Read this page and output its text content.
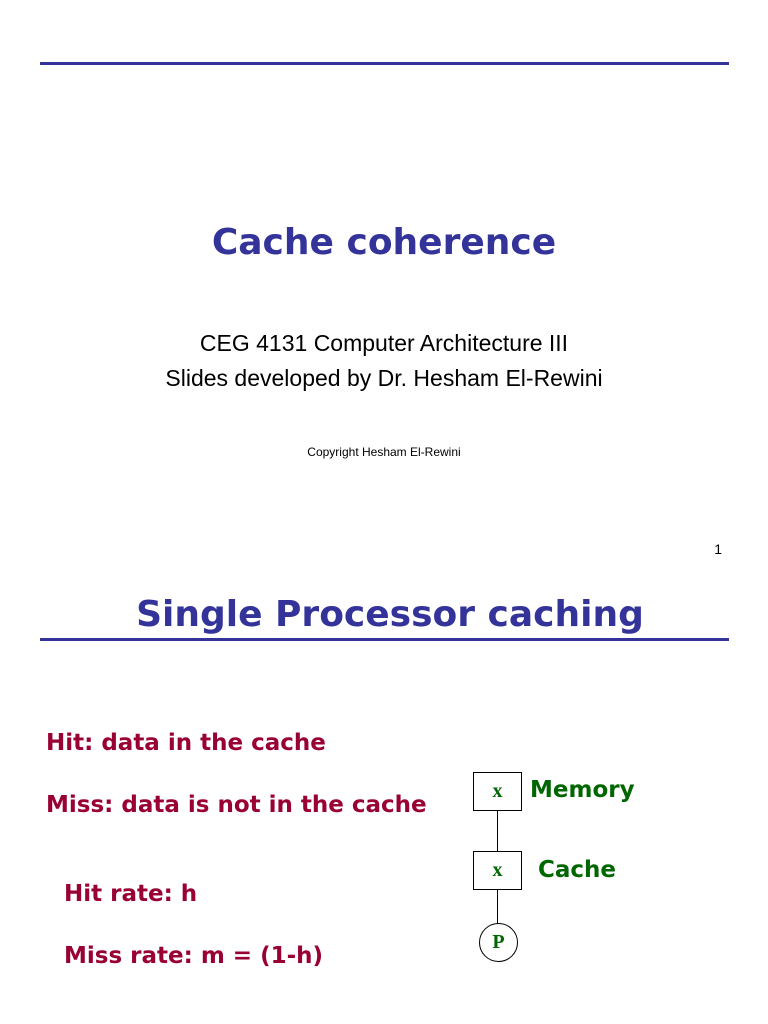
Cache coherence
CEG 4131 Computer Architecture III
Slides developed by Dr. Hesham El-Rewini
Copyright Hesham El-Rewini
1
Single Processor caching
Hit: data in the cache
Miss: data is not in the cache
Hit rate: h
Miss rate: m = (1-h)
x	Memory
x	Cache
P
